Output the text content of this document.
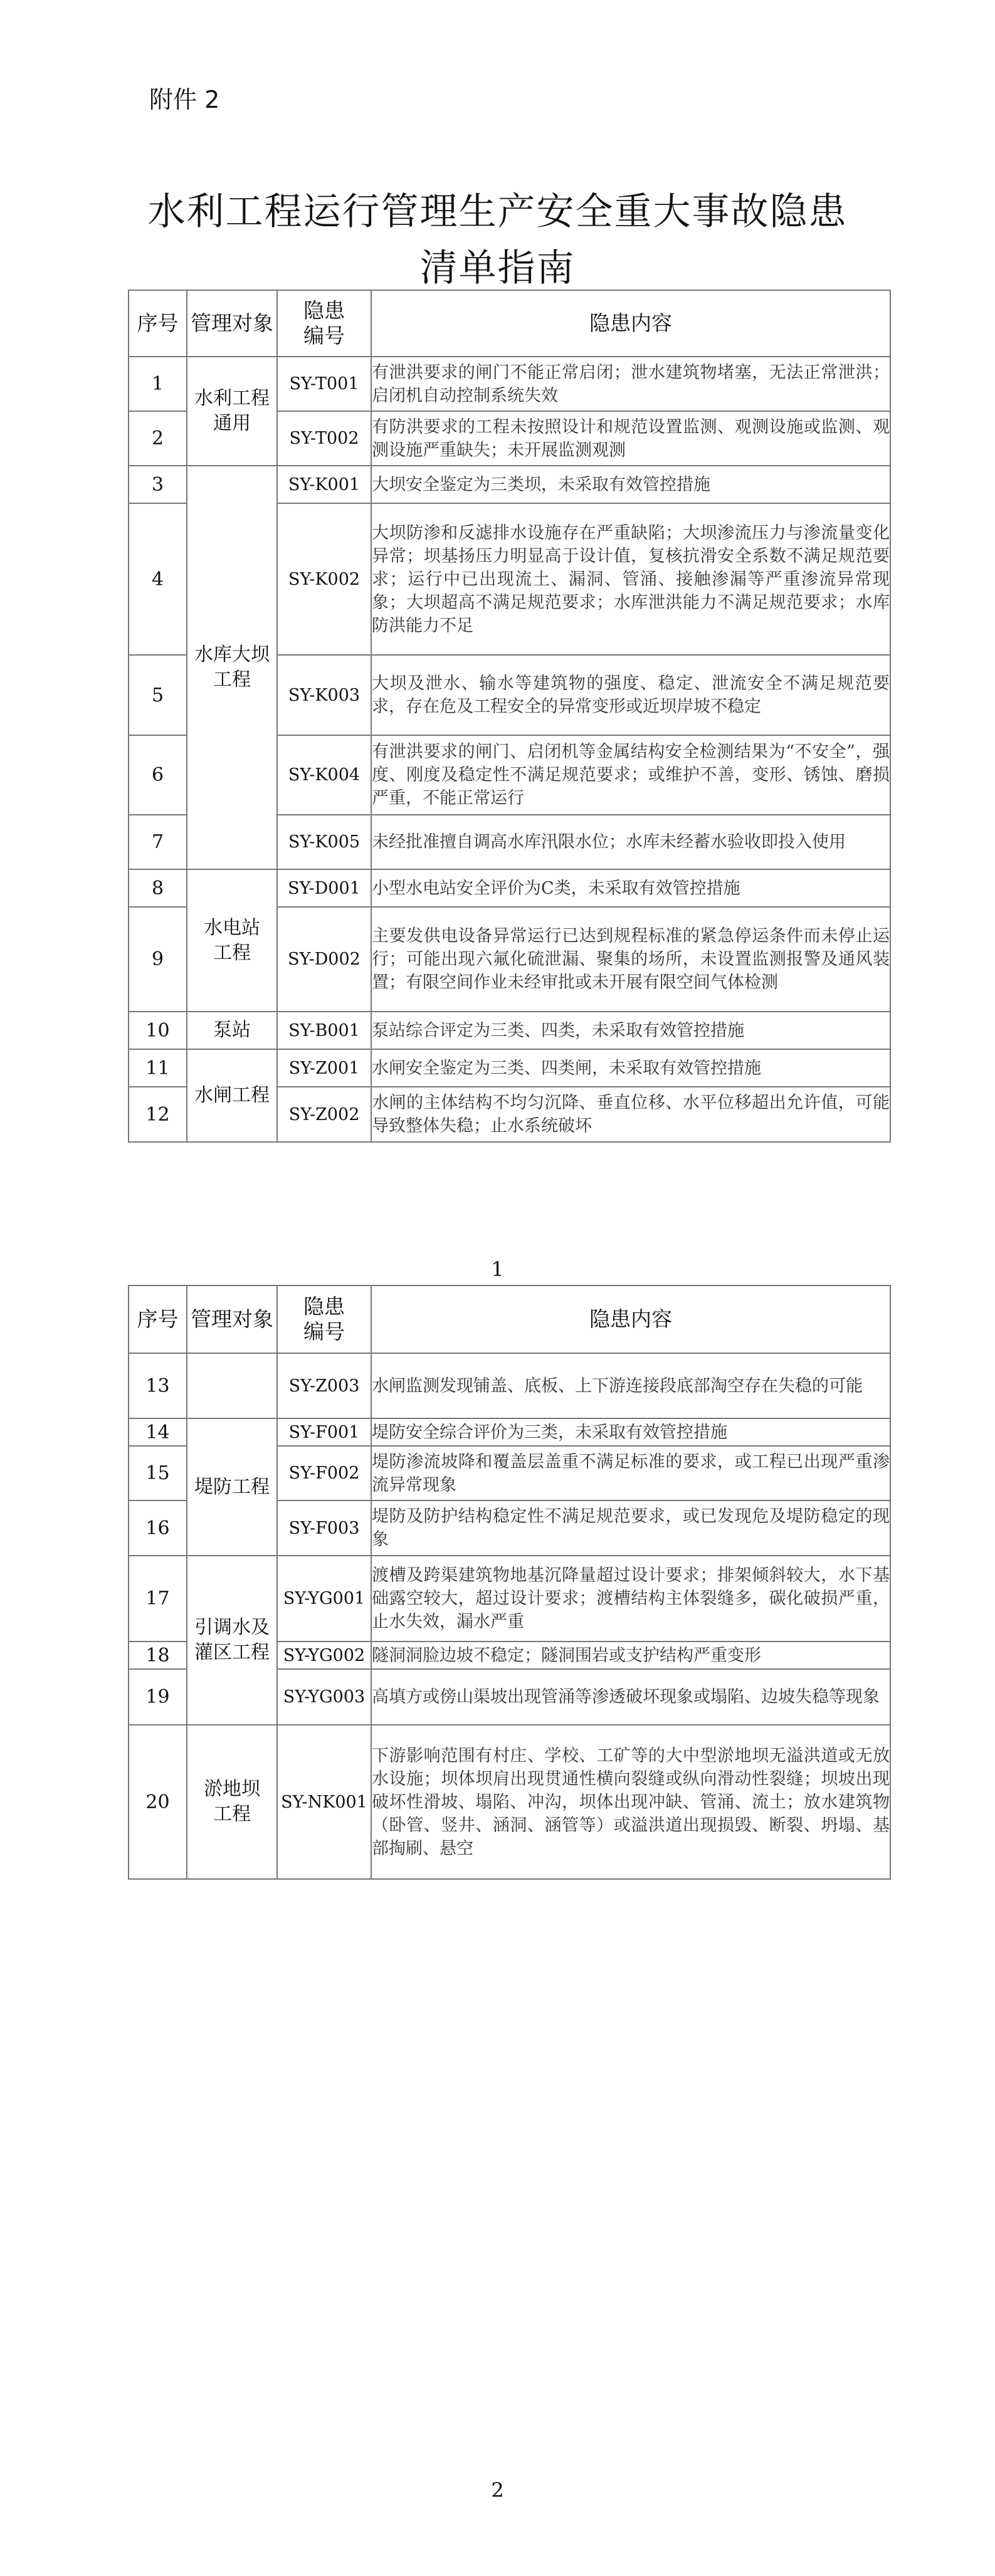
附件 2
水利工程运行管理生产安全重大事故隐患
清单指南
序号	管理对象	隐患编号	隐患内容
1	水利工程通用	SY-T001	有泄洪要求的闸门不能正常启闭；泄水建筑物堵塞，无法正常泄洪；启闭机自动控制系统失效
2		SY-T002	有防洪要求的工程未按照设计和规范设置监测、观测设施或监测、观测设施严重缺失；未开展监测观测
3	水库大坝工程	SY-K001	大坝安全鉴定为三类坝，未采取有效管控措施
4		SY-K002	大坝防渗和反滤排水设施存在严重缺陷；大坝渗流压力与渗流量变化异常；坝基扬压力明显高于设计值，复核抗滑安全系数不满足规范要求；运行中已出现流土、漏洞、管涌、接触渗漏等严重渗流异常现象；大坝超高不满足规范要求；水库泄洪能力不满足规范要求；水库防洪能力不足
5		SY-K003	大坝及泄水、输水等建筑物的强度、稳定、泄流安全不满足规范要求，存在危及工程安全的异常变形或近坝岸坡不稳定
6		SY-K004	有泄洪要求的闸门、启闭机等金属结构安全检测结果为“不安全”，强度、刚度及稳定性不满足规范要求；或维护不善，变形、锈蚀、磨损严重，不能正常运行
7		SY-K005	未经批准擅自调高水库汛限水位；水库未经蓄水验收即投入使用
8	水电站工程	SY-D001	小型水电站安全评价为C类，未采取有效管控措施
9		SY-D002	主要发供电设备异常运行已达到规程标准的紧急停运条件而未停止运行；可能出现六氟化硫泄漏、聚集的场所，未设置监测报警及通风装置；有限空间作业未经审批或未开展有限空间气体检测
10	泵站	SY-B001	泵站综合评定为三类、四类，未采取有效管控措施
11	水闸工程	SY-Z001	水闸安全鉴定为三类、四类闸，未采取有效管控措施
12		SY-Z002	水闸的主体结构不均匀沉降、垂直位移、水平位移超出允许值，可能导致整体失稳；止水系统破坏
1
序号	管理对象	隐患编号	隐患内容
13		SY-Z003	水闸监测发现铺盖、底板、上下游连接段底部淘空存在失稳的可能
14	堤防工程	SY-F001	堤防安全综合评价为三类，未采取有效管控措施
15		SY-F002	堤防渗流坡降和覆盖层盖重不满足标准的要求，或工程已出现严重渗流异常现象
16		SY-F003	堤防及防护结构稳定性不满足规范要求，或已发现危及堤防稳定的现象
17	引调水及灌区工程	SY-YG001	渡槽及跨渠建筑物地基沉降量超过设计要求；排架倾斜较大，水下基础露空较大，超过设计要求；渡槽结构主体裂缝多，碳化破损严重，止水失效，漏水严重
18		SY-YG002	隧洞洞脸边坡不稳定；隧洞围岩或支护结构严重变形
19		SY-YG003	高填方或傍山渠坡出现管涌等渗透破坏现象或塌陷、边坡失稳等现象
20	淤地坝工程	SY-NK001	下游影响范围有村庄、学校、工矿等的大中型淤地坝无溢洪道或无放水设施；坝体坝肩出现贯通性横向裂缝或纵向滑动性裂缝；坝坡出现破坏性滑坡、塌陷、冲沟，坝体出现冲缺、管涌、流土；放水建筑物（卧管、竖井、涵洞、涵管等）或溢洪道出现损毁、断裂、坍塌、基部掏刷、悬空
2
